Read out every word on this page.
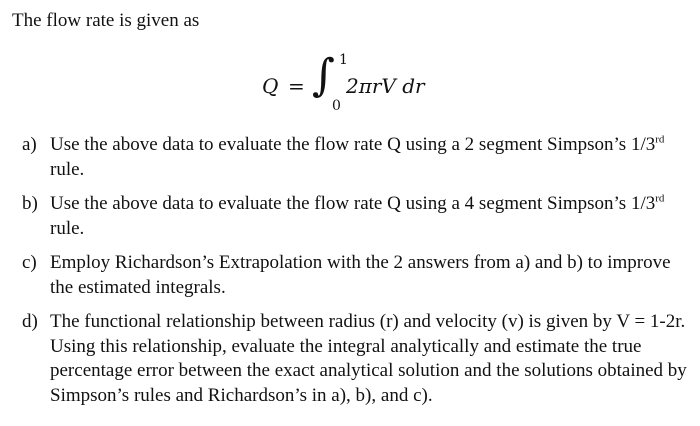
The flow rate is given as
Q = ∫ 1
0
2πrV dr
a) Use the above data to evaluate the flow rate Q using a 2 segment Simpson’s 1/3rd rule.
b) Use the above data to evaluate the flow rate Q using a 4 segment Simpson’s 1/3rd rule.
c) Employ Richardson’s Extrapolation with the 2 answers from a) and b) to improve the estimated integrals.
d) The functional relationship between radius (r) and velocity (v) is given by V = 1-2r. Using this relationship, evaluate the integral analytically and estimate the true percentage error between the exact analytical solution and the solutions obtained by Simpson’s rules and Richardson’s in a), b), and c).
